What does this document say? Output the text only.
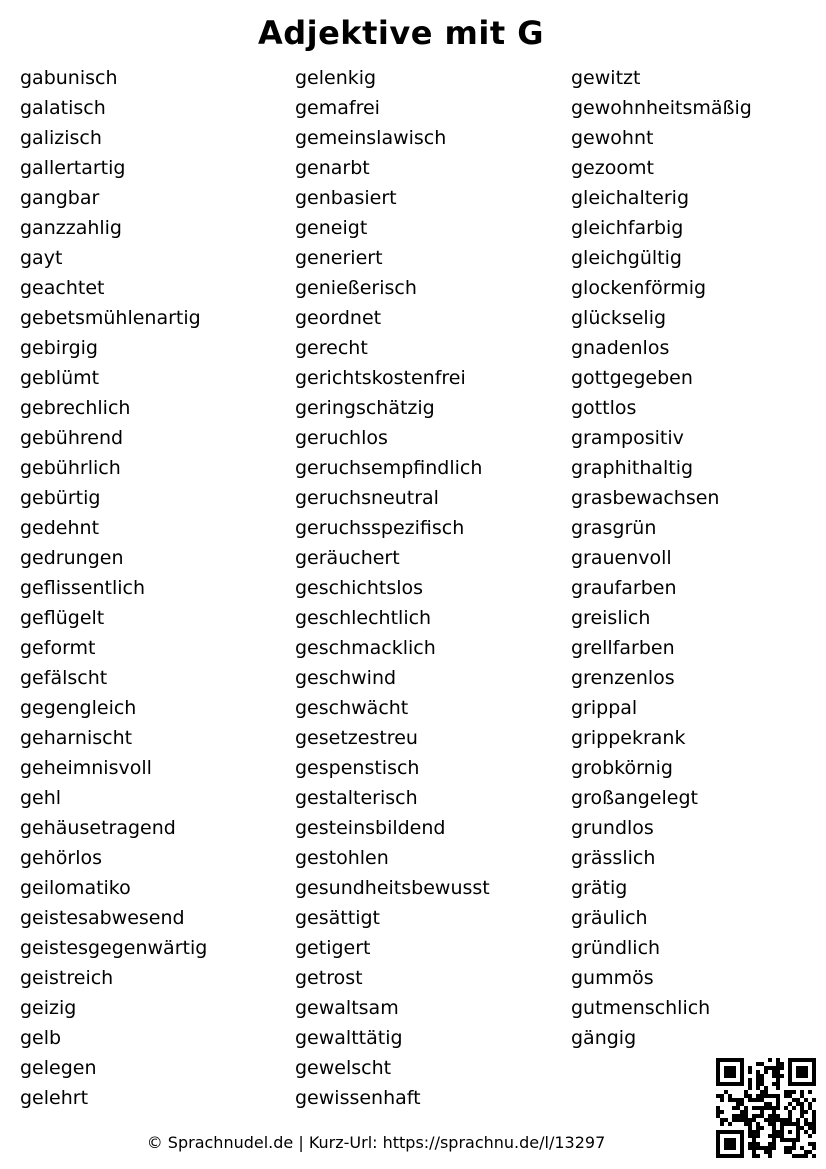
Adjektive mit G
gabunisch
galatisch
galizisch
gallertartig
gangbar
ganzzahlig
gayt
geachtet
gebetsmühlenartig
gebirgig
geblümt
gebrechlich
gebührend
gebührlich
gebürtig
gedehnt
gedrungen
geflissentlich
geflügelt
geformt
gefälscht
gegengleich
geharnischt
geheimnisvoll
gehl
gehäusetragend
gehörlos
geilomatiko
geistesabwesend
geistesgegenwärtig
geistreich
geizig
gelb
gelegen
gelehrt
gelenkig
gemafrei
gemeinslawisch
genarbt
genbasiert
geneigt
generiert
genießerisch
geordnet
gerecht
gerichtskostenfrei
geringschätzig
geruchlos
geruchsempfindlich
geruchsneutral
geruchsspezifisch
geräuchert
geschichtslos
geschlechtlich
geschmacklich
geschwind
geschwächt
gesetzestreu
gespenstisch
gestalterisch
gesteinsbildend
gestohlen
gesundheitsbewusst
gesättigt
getigert
getrost
gewaltsam
gewalttätig
gewelscht
gewissenhaft
gewitzt
gewohnheitsmäßig
gewohnt
gezoomt
gleichalterig
gleichfarbig
gleichgültig
glockenförmig
glückselig
gnadenlos
gottgegeben
gottlos
grampositiv
graphithaltig
grasbewachsen
grasgrün
grauenvoll
graufarben
greislich
grellfarben
grenzenlos
grippal
grippekrank
grobkörnig
großangelegt
grundlos
grässlich
grätig
gräulich
gründlich
gummös
gutmenschlich
gängig
© Sprachnudel.de | Kurz-Url: https://sprachnu.de/l/13297
